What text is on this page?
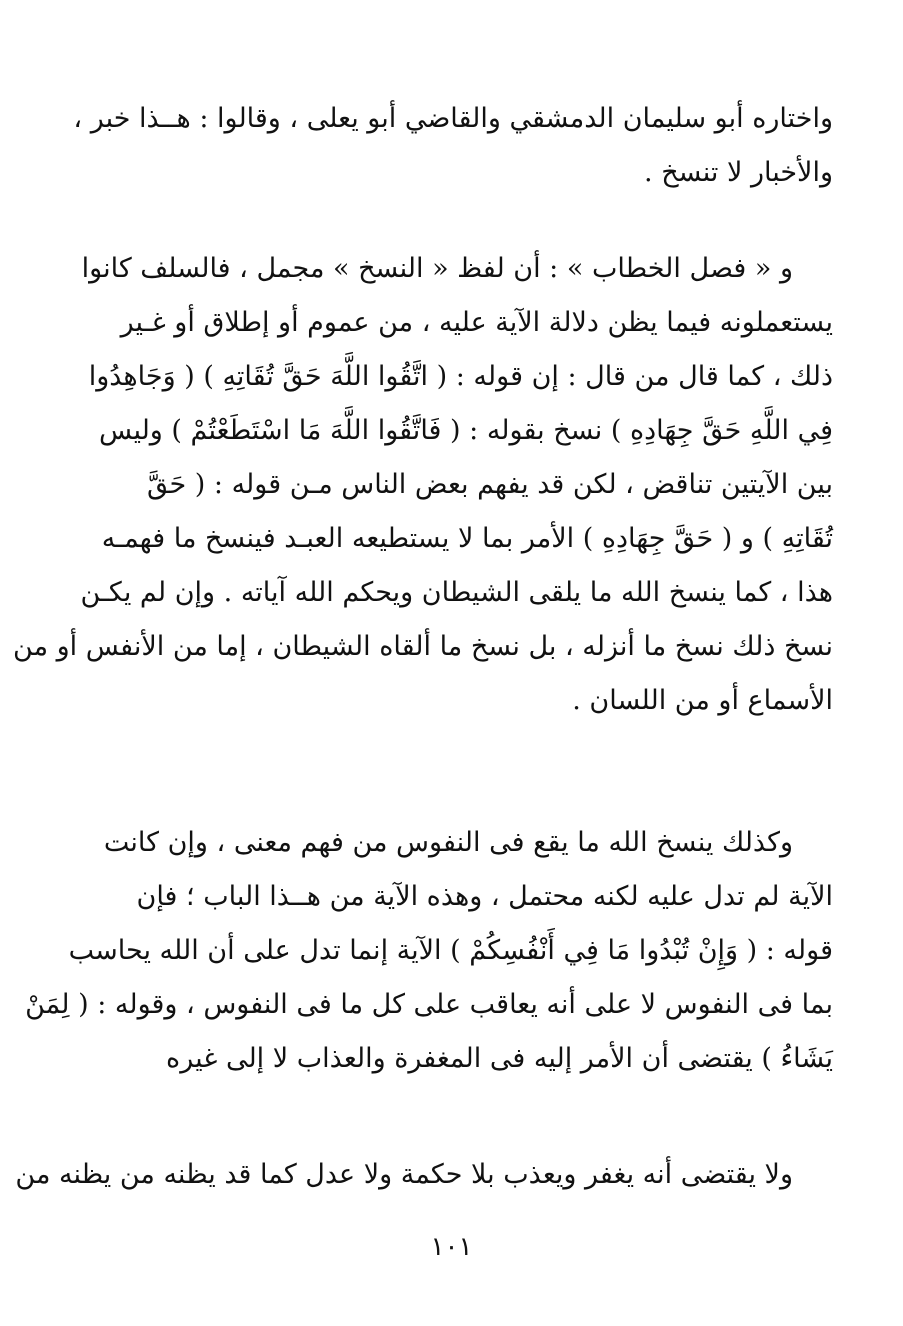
واختاره أبو سليمان الدمشقي والقاضي أبو يعلى ، وقالوا : هــذا خبر ،
والأخبار لا تنسخ .
و « فصل الخطاب » : أن لفظ « النسخ » مجمل ، فالسلف كانوا
يستعملونه فيما يظن دلالة الآية عليه ، من عموم أو إطلاق أو غـير
ذلك ، كما قال من قال : إن قوله : ( اتَّقُوا اللَّهَ حَقَّ تُقَاتِهِ ) ( وَجَاهِدُوا
فِي اللَّهِ حَقَّ جِهَادِهِ ) نسخ بقوله : ( فَاتَّقُوا اللَّهَ مَا اسْتَطَعْتُمْ ) وليس
بين الآيتين تناقض ، لكن قد يفهم بعض الناس مـن قوله : ( حَقَّ
تُقَاتِهِ ) و ( حَقَّ جِهَادِهِ ) الأمر بما لا يستطيعه العبـد فينسخ ما فهمـه
هذا ، كما ينسخ الله ما يلقى الشيطان ويحكم الله آياته . وإن لم يكـن
نسخ ذلك نسخ ما أنزله ، بل نسخ ما ألقاه الشيطان ، إما من الأنفس أو من
الأسماع أو من اللسان .
وكذلك ينسخ الله ما يقع فى النفوس من فهم معنى ، وإن كانت
الآية لم تدل عليه لكنه محتمل ، وهذه الآية من هــذا الباب ؛ فإن
قوله : ( وَإِنْ تُبْدُوا مَا فِي أَنْفُسِكُمْ ) الآية إنما تدل على أن الله يحاسب
بما فى النفوس لا على أنه يعاقب على كل ما فى النفوس ، وقوله : ( لِمَنْ
يَشَاءُ ) يقتضى أن الأمر إليه فى المغفرة والعذاب لا إلى غيره
ولا يقتضى أنه يغفر ويعذب بلا حكمة ولا عدل كما قد يظنه من يظنه من
١٠١
